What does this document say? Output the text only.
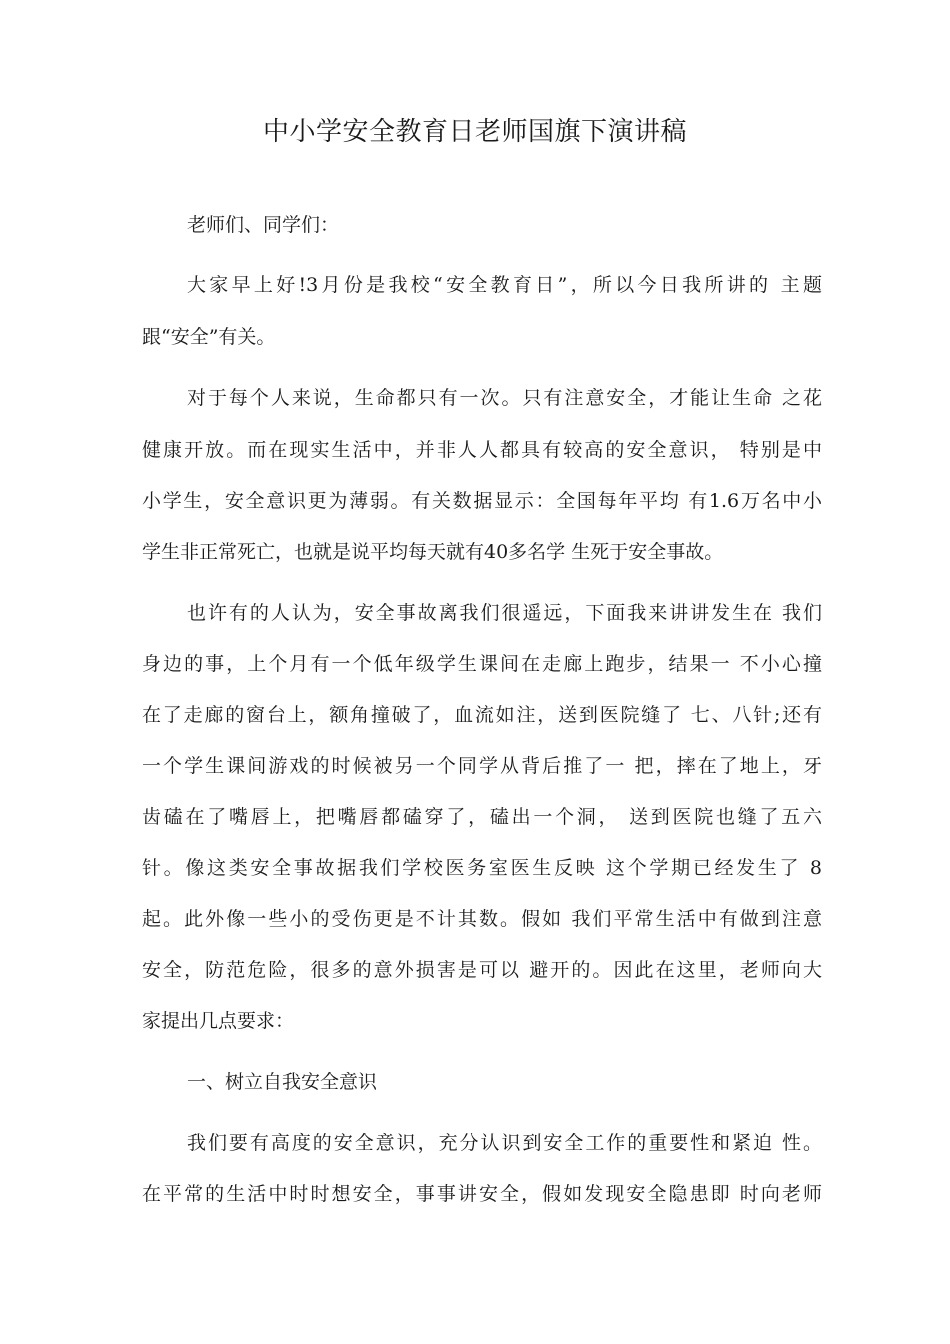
中小学安全教育日老师国旗下演讲稿
老师们、同学们：
大家早上好!3月份是我校“安全教育日”，所以今日我所讲的 主题
跟“安全”有关。
对于每个人来说，生命都只有一次。只有注意安全，才能让生命 之花
健康开放。而在现实生活中，并非人人都具有较高的安全意识， 特别是中
小学生，安全意识更为薄弱。有关数据显示：全国每年平均 有1.6万名中小
学生非正常死亡，也就是说平均每天就有40多名学 生死于安全事故。
也许有的人认为，安全事故离我们很遥远，下面我来讲讲发生在 我们
身边的事，上个月有一个低年级学生课间在走廊上跑步，结果一 不小心撞
在了走廊的窗台上，额角撞破了，血流如注，送到医院缝了 七、八针;还有
一个学生课间游戏的时候被另一个同学从背后推了一 把，摔在了地上，牙
齿磕在了嘴唇上，把嘴唇都磕穿了，磕出一个洞， 送到医院也缝了五六
针。像这类安全事故据我们学校医务室医生反映 这个学期已经发生了 8
起。此外像一些小的受伤更是不计其数。假如 我们平常生活中有做到注意
安全，防范危险，很多的意外损害是可以 避开的。因此在这里，老师向大
家提出几点要求：
一、树立自我安全意识
我们要有高度的安全意识，充分认识到安全工作的重要性和紧迫 性。
在平常的生活中时时想安全，事事讲安全，假如发现安全隐患即 时向老师
